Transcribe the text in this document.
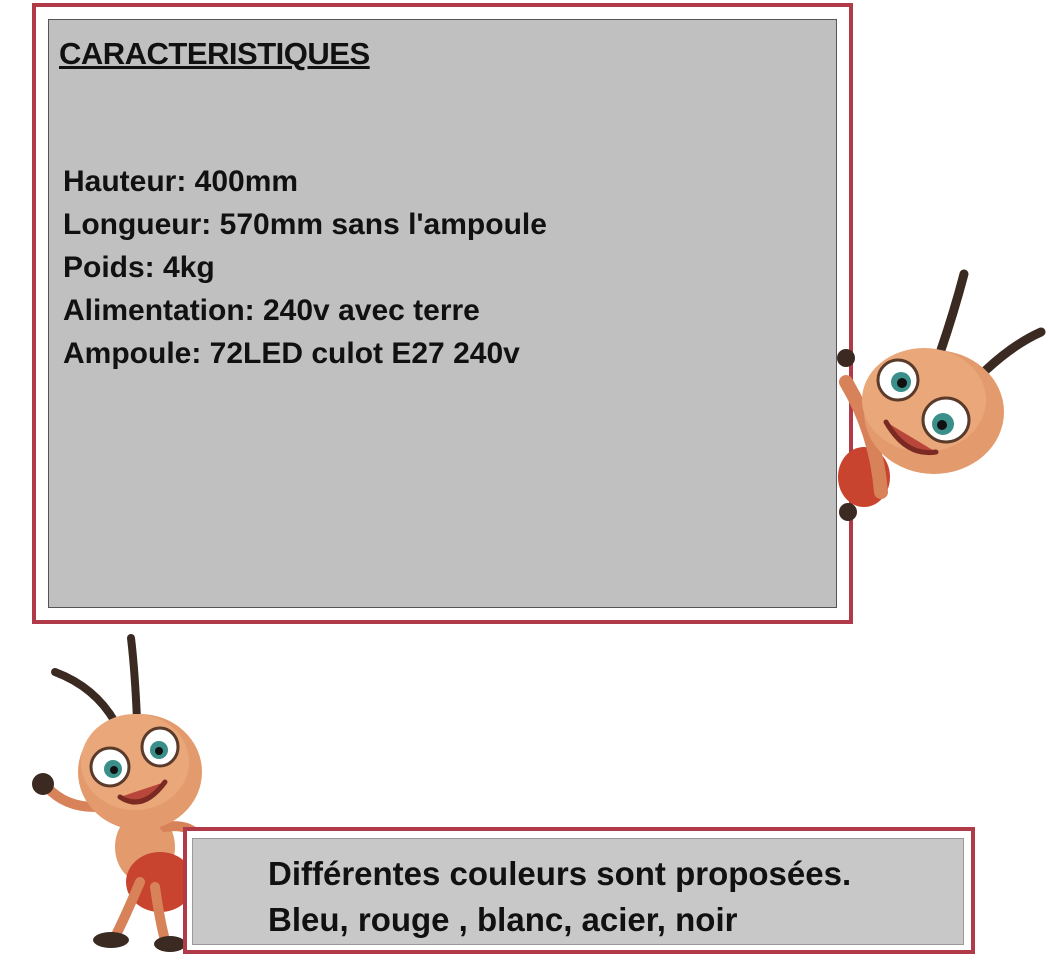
CARACTERISTIQUES
Hauteur: 400mm
Longueur: 570mm sans l'ampoule
Poids: 4kg
Alimentation: 240v avec terre
Ampoule: 72LED culot E27 240v
Différentes couleurs sont proposées.
Bleu, rouge , blanc, acier, noir
